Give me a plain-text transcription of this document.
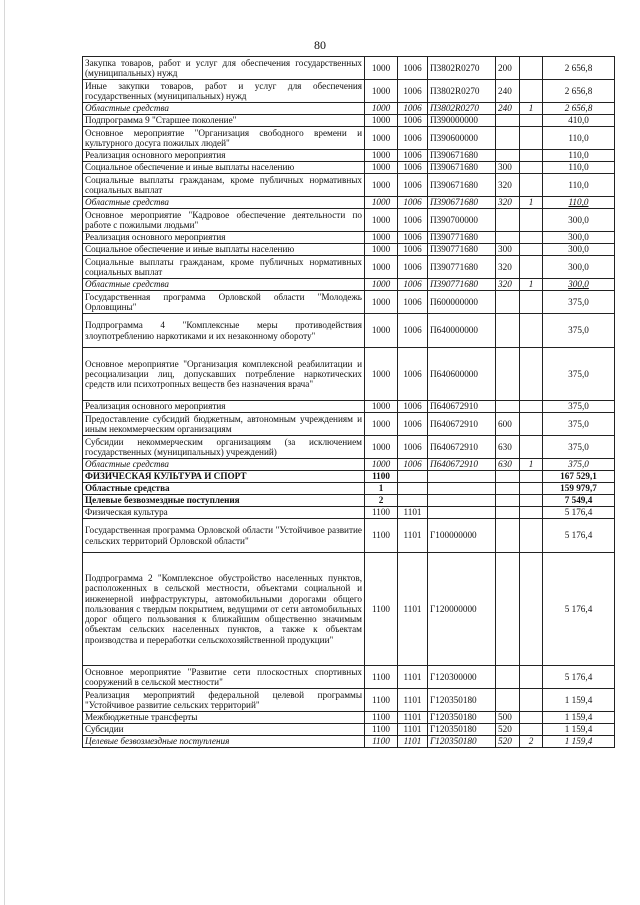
80
Закупка товаров, работ и услуг для обеспечения государственных (муниципальных) нужд	1000	1006	П3802R0270	200		2 656,8
Иные закупки товаров, работ и услуг для обеспечения государственных (муниципальных) нужд	1000	1006	П3802R0270	240		2 656,8
Областные средства	1000	1006	П3802R0270	240	1	2 656,8
Подпрограмма 9 "Старшее поколение"	1000	1006	П390000000			410,0
Основное мероприятие "Организация свободного времени и культурного досуга пожилых людей"	1000	1006	П390600000			110,0
Реализация основного мероприятия	1000	1006	П390671680			110,0
Социальное обеспечение и иные выплаты населению	1000	1006	П390671680	300		110,0
Социальные выплаты гражданам, кроме публичных нормативных социальных выплат	1000	1006	П390671680	320		110,0
Областные средства	1000	1006	П390671680	320	1	110,0
Основное мероприятие "Кадровое обеспечение деятельности по работе с пожилыми людьми"	1000	1006	П390700000			300,0
Реализация основного мероприятия	1000	1006	П390771680			300,0
Социальное обеспечение и иные выплаты населению	1000	1006	П390771680	300		300,0
Социальные выплаты гражданам, кроме публичных нормативных социальных выплат	1000	1006	П390771680	320		300,0
Областные средства	1000	1006	П390771680	320	1	300,0
Государственная программа Орловской области "Молодежь Орловщины"	1000	1006	П600000000			375,0
Подпрограмма 4 "Комплексные меры противодействия злоупотреблению наркотиками и их незаконному обороту"	1000	1006	П640000000			375,0
Основное мероприятие "Организация комплексной реабилитации и ресоциализации лиц, допускавших потребление наркотических средств или психотропных веществ без назначения врача"	1000	1006	П640600000			375,0
Реализация основного мероприятия	1000	1006	П640672910			375,0
Предоставление субсидий бюджетным, автономным учреждениям и иным некоммерческим организациям	1000	1006	П640672910	600		375,0
Субсидии некоммерческим организациям (за исключением государственных (муниципальных) учреждений)	1000	1006	П640672910	630		375,0
Областные средства	1000	1006	П640672910	630	1	375,0
ФИЗИЧЕСКАЯ КУЛЬТУРА И СПОРТ	1100					167 529,1
Областные средства	1					159 979,7
Целевые безвозмездные поступления	2					7 549,4
Физическая культура	1100	1101				5 176,4
Государственная программа Орловской области "Устойчивое развитие сельских территорий Орловской области"	1100	1101	Г100000000			5 176,4
Подпрограмма 2 "Комплексное обустройство населенных пунктов, расположенных в сельской местности, объектами социальной и инженерной инфраструктуры, автомобильными дорогами общего пользования с твердым покрытием, ведущими от сети автомобильных дорог общего пользования к ближайшим общественно значимым объектам сельских населенных пунктов, а также к объектам производства и переработки сельскохозяйственной продукции"	1100	1101	Г120000000			5 176,4
Основное мероприятие "Развитие сети плоскостных спортивных сооружений в сельской местности"	1100	1101	Г120300000			5 176,4
Реализация мероприятий федеральной целевой программы "Устойчивое развитие сельских территорий"	1100	1101	Г120350180			1 159,4
Межбюджетные трансферты	1100	1101	Г120350180	500		1 159,4
Субсидии	1100	1101	Г120350180	520		1 159,4
Целевые безвозмездные поступления	1100	1101	Г120350180	520	2	1 159,4
